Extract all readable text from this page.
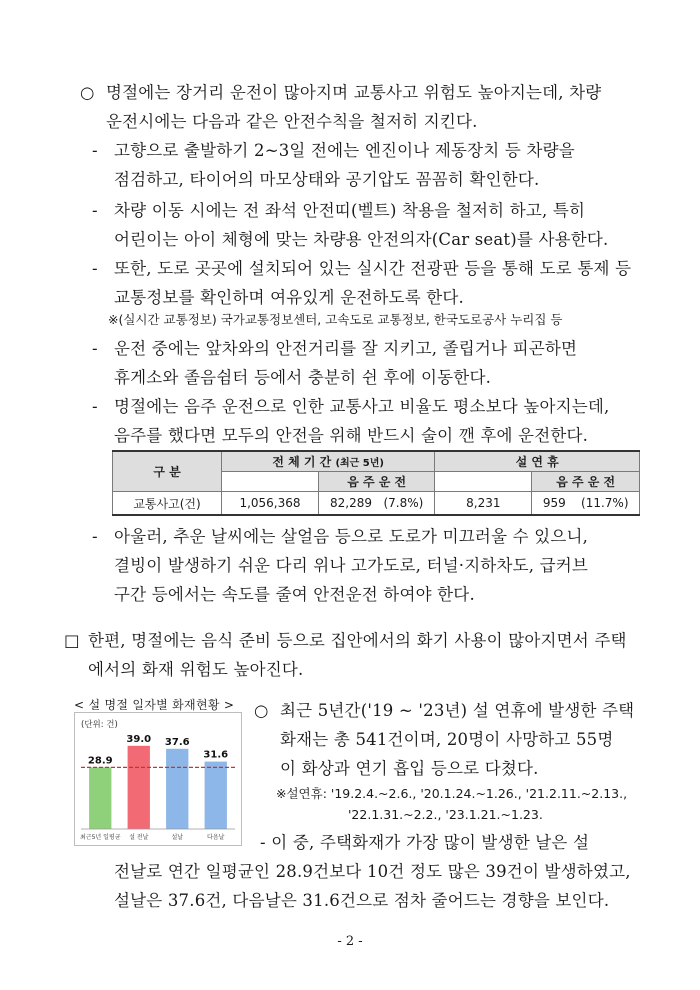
○ 명절에는 장거리 운전이 많아지며 교통사고 위험도 높아지는데, 차량
운전시에는 다음과 같은 안전수칙을 철저히 지킨다.
- 고향으로 출발하기 2~3일 전에는 엔진이나 제동장치 등 차량을
점검하고, 타이어의 마모상태와 공기압도 꼼꼼히 확인한다.
- 차량 이동 시에는 전 좌석 안전띠(벨트) 착용을 철저히 하고, 특히
어린이는 아이 체형에 맞는 차량용 안전의자(Car seat)를 사용한다.
- 또한, 도로 곳곳에 설치되어 있는 실시간 전광판 등을 통해 도로 통제 등
교통정보를 확인하며 여유있게 운전하도록 한다.
※(실시간 교통정보) 국가교통정보센터, 고속도로 교통정보, 한국도로공사 누리집 등
- 운전 중에는 앞차와의 안전거리를 잘 지키고, 졸립거나 피곤하면
휴게소와 졸음쉼터 등에서 충분히 쉰 후에 이동한다.
- 명절에는 음주 운전으로 인한 교통사고 비율도 평소보다 높아지는데,
음주를 했다면 모두의 안전을 위해 반드시 술이 깬 후에 운전한다.
구 분	전 체 기 간 (최근 5년)		설 연 휴	
		음 주 운 전		음 주 운 전
교통사고(건)	1,056,368	82,289 (7.8%)	8,231	959 (11.7%)
- 아울러, 추운 날씨에는 살얼음 등으로 도로가 미끄러울 수 있으니,
결빙이 발생하기 쉬운 다리 위나 고가도로, 터널·지하차도, 급커브
구간 등에서는 속도를 줄여 안전운전 하여야 한다.
□ 한편, 명절에는 음식 준비 등으로 집안에서의 화기 사용이 많아지면서 주택
에서의 화재 위험도 높아진다.
< 설 명절 일자별 화재현황 >
(단위: 건)
28.9
최근5년 일평균
39.0
설 전날
37.6
설날
31.6
다음날
○ 최근 5년간('19 ~ '23년) 설 연휴에 발생한 주택
화재는 총 541건이며, 20명이 사망하고 55명
이 화상과 연기 흡입 등으로 다쳤다.
※설연휴: '19.2.4.~2.6., '20.1.24.~1.26., '21.2.11.~2.13.,
'22.1.31.~2.2., '23.1.21.~1.23.
- 이 중, 주택화재가 가장 많이 발생한 날은 설
전날로 연간 일평균인 28.9건보다 10건 정도 많은 39건이 발생하였고,
설날은 37.6건, 다음날은 31.6건으로 점차 줄어드는 경향을 보인다.
- 2 -
